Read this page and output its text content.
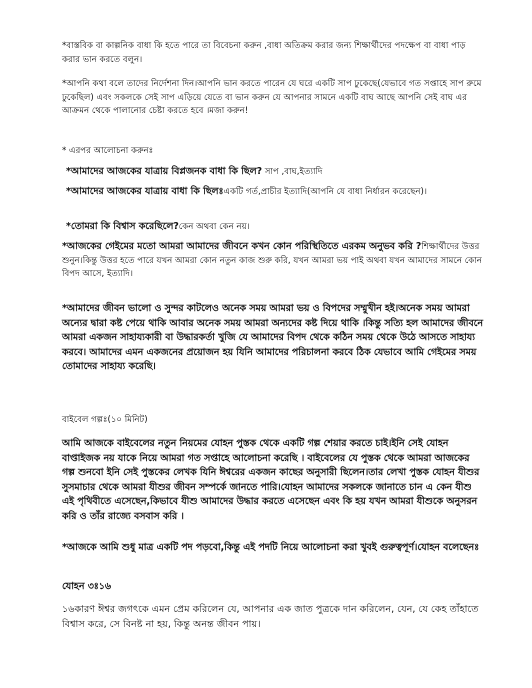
*বাস্তবিক বা কাল্পনিক বাধা কি হতে পারে তা বিবেচনা করুন ,বাধা অতিক্রম করার জন্য শিক্ষার্থীদের পদক্ষেপ বা বাধা পাড় করার ভান করতে বলুন।

*আপনি কথা বলে তাদের নির্দেশনা দিন।আপনি ভান করতে পারেন যে ঘরে একটি সাপ ঢুকেছে(যেভাবে গত সপ্তাহে সাপ রুমে ঢুকেছিল) এবং সকলকে সেই সাপ এড়িয়ে যেতে বা ভান করুন যে আপনার সামনে একটি বাঘ আছে আপনি সেই বাঘ এর আক্রমন থেকে পালানোর চেষ্টা করতে হবে ।মজা করুন!

* এরপর আলোচনা করুনঃ

*আমাদের আজকের যাত্রায় বিপ্লজনক বাধা কি ছিল? সাপ ,বাঘ,ইত্যাদি

*আমাদের আজকের যাত্রায় বাধা কি ছিলঃএকটি গর্ত,প্রাচীর ইত্যাদি(আপনি যে বাধা নির্ধারন করেছেন)।

*তোমরা কি বিশ্বাস করেছিলে?কেন অথবা কেন নয়।

*আজকের গেইমের মতো আমরা আমাদের জীবনে কখন কোন পরিস্থিতিতে এরকম অনুভব করি ?শিক্ষার্থীদের উত্তর শুনুন।কিন্তু উত্তর হতে পারে যখন আমরা কোন নতুন কাজ শুরু করি, যখন আমরা ভয় পাই অথবা যখন আমাদের সামনে কোন বিপদ আসে, ইত্যাদি।

*আমাদের জীবন ভালো ও সুন্দর কাটলেও অনেক সময় আমরা ভয় ও বিপদের সম্মুখীন হই।অনেক সময় আমরা অন্যের দ্বারা কষ্ট পেয়ে থাকি আবার অনেক সময় আমরা অন্যদের কষ্ট দিয়ে থাকি ।কিন্তু সত্যি হল আমাদের জীবনে আমরা একজন সাহায্যকারী বা উদ্ধারকর্তা খুজি যে আমাদের বিপদ থেকে কঠিন সময় থেকে উঠে আসতে সাহায্য করবে। আমাদের এমন একজনের প্রয়োজন হয় যিনি আমাদের পরিচালনা করবে ঠিক যেভাবে আমি গেইমের সময় তোমাদের সাহায্য করেছি।

বাইবেল গল্পঃ(১০ মিনিট)

আমি আজকে বাইবেলের নতুন নিয়মের যোহন পুস্তক থেকে একটি গল্প শেয়ার করতে চাই।ইনি সেই যোহন বাপ্তাইজক নয় যাকে নিয়ে আমরা গত সপ্তাহে আলোচনা করেছি । বাইবেলের যে পুস্তক থেকে আমরা আজকের গল্প শুনবো ইনি সেই পুস্তকের লেখক যিনি ঈশ্বরের একজন কাছের অনুসারী ছিলেন।তার লেখা পুস্তক যোহন যীশুর সুসমাচার থেকে আমরা যীশুর জীবন সম্পর্কে জানতে পারি।যোহন আমাদের সকলকে জানাতে চান এ কেন যীশু এই পৃথিবীতে এসেছেন,কিভাবে যীশু আমাদের উদ্ধার করতে এসেছেন এবং কি হয় যখন আমরা যীশুকে অনুসরন করি ও তাঁর রাজ্যে বসবাস করি ।

*আজকে আমি শুধু মাত্র একটি পদ পড়বো,কিন্তু এই পদটি নিয়ে আলোচনা করা খুবই গুরুত্বপূর্ণ।যোহন বলেছেনঃ

যোহন ৩ঃ১৬

১৬কারণ ঈশ্বর জগৎকে এমন প্রেম করিলেন যে, আপনার এক জাত পুত্রকে দান করিলেন, যেন, যে কেহ তাঁহাতে বিশ্বাস করে, সে বিনষ্ট না হয়, কিন্তু অনন্ত জীবন পায়।
